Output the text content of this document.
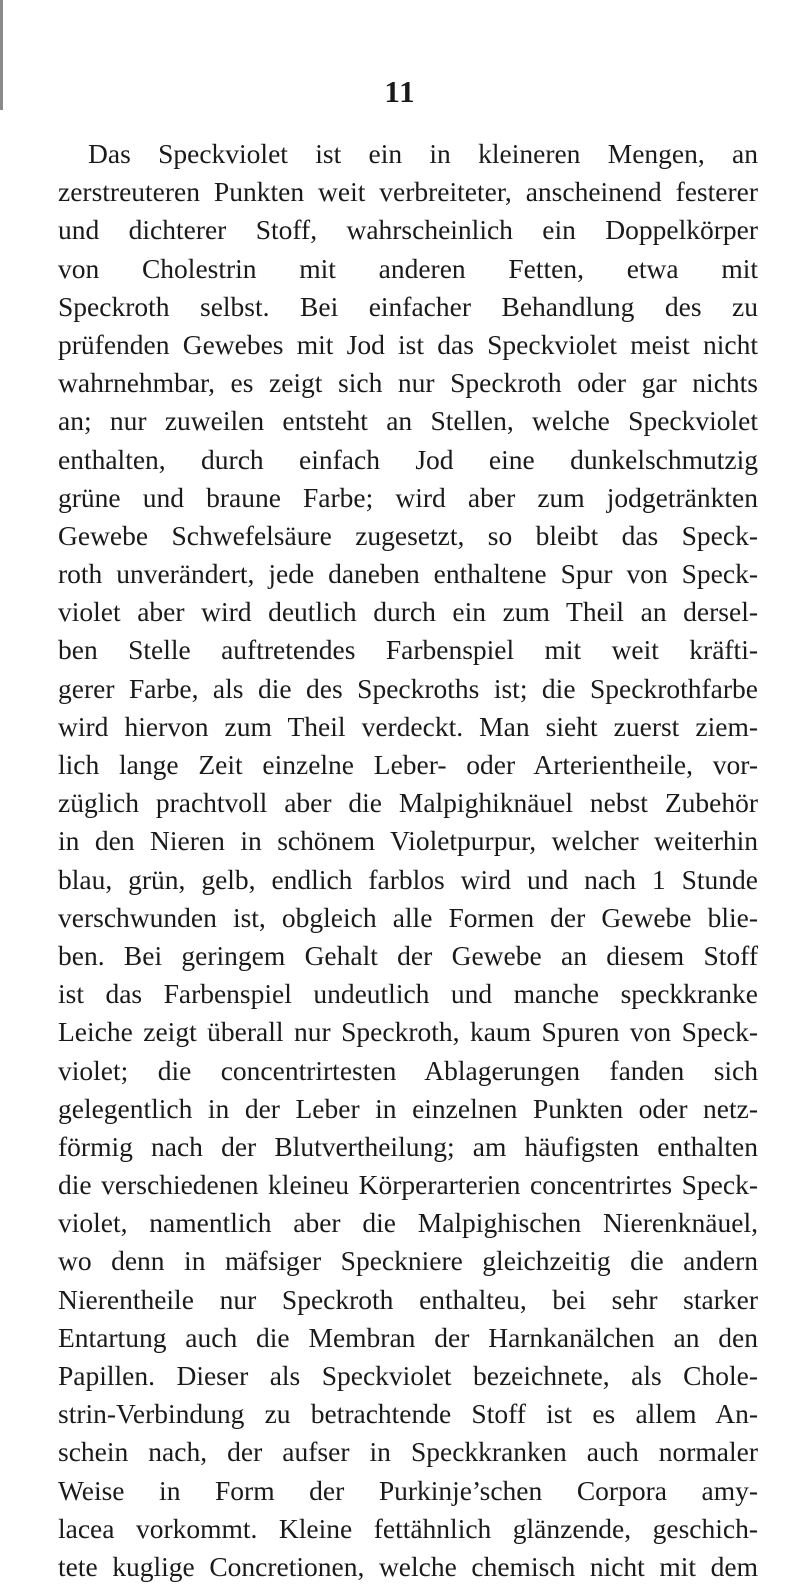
11
Das Speckviolet ist ein in kleineren Mengen, an
zerstreuteren Punkten weit verbreiteter, anscheinend festerer
und dichterer Stoff, wahrscheinlich ein Doppelkörper
von Cholestrin mit anderen Fetten, etwa mit
Speckroth selbst. Bei einfacher Behandlung des zu
prüfenden Gewebes mit Jod ist das Speckviolet meist nicht
wahrnehmbar, es zeigt sich nur Speckroth oder gar nichts
an; nur zuweilen entsteht an Stellen, welche Speckviolet
enthalten, durch einfach Jod eine dunkelschmutzig
grüne und braune Farbe; wird aber zum jodgetränkten
Gewebe Schwefelsäure zugesetzt, so bleibt das Speck-
roth unverändert, jede daneben enthaltene Spur von Speck-
violet aber wird deutlich durch ein zum Theil an dersel-
ben Stelle auftretendes Farbenspiel mit weit kräfti-
gerer Farbe, als die des Speckroths ist; die Speckrothfarbe
wird hiervon zum Theil verdeckt. Man sieht zuerst ziem-
lich lange Zeit einzelne Leber- oder Arterientheile, vor-
züglich prachtvoll aber die Malpighiknäuel nebst Zubehör
in den Nieren in schönem Violetpurpur, welcher weiterhin
blau, grün, gelb, endlich farblos wird und nach 1 Stunde
verschwunden ist, obgleich alle Formen der Gewebe blie-
ben. Bei geringem Gehalt der Gewebe an diesem Stoff
ist das Farbenspiel undeutlich und manche speckkranke
Leiche zeigt überall nur Speckroth, kaum Spuren von Speck-
violet; die concentrirtesten Ablagerungen fanden sich
gelegentlich in der Leber in einzelnen Punkten oder netz-
förmig nach der Blutvertheilung; am häufigsten enthalten
die verschiedenen kleineu Körperarterien concentrirtes Speck-
violet, namentlich aber die Malpighischen Nierenknäuel,
wo denn in mäfsiger Speckniere gleichzeitig die andern
Nierentheile nur Speckroth enthalteu, bei sehr starker
Entartung auch die Membran der Harnkanälchen an den
Papillen. Dieser als Speckviolet bezeichnete, als Chole-
strin-Verbindung zu betrachtende Stoff ist es allem An-
schein nach, der aufser in Speckkranken auch normaler
Weise in Form der Purkinje’schen Corpora amy-
lacea vorkommt. Kleine fettähnlich glänzende, geschich-
tete kuglige Concretionen, welche chemisch nicht mit dem
